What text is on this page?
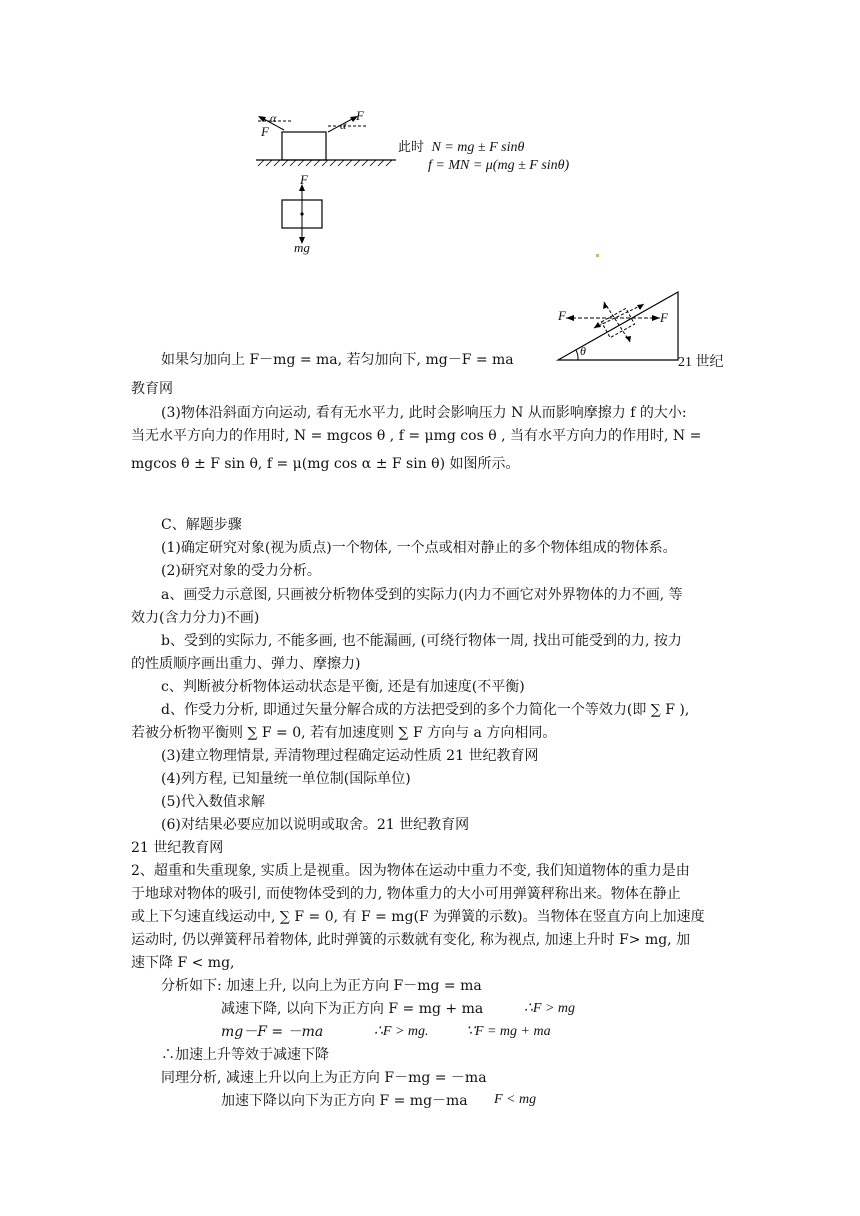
F
α	α
F
F
mg
此时 N = mg ± F sinθ
f = MN = μ(mg ± F sinθ)
F	F
θ
如果匀加向上 F－mg = ma, 若匀加向下, mg－F = ma	21 世纪
教育网
(3)物体沿斜面方向运动, 看有无水平力, 此时会影响压力 N 从而影响摩擦力 f 的大小:
当无水平方向力的作用时, N = mgcos θ , f = μmg cos θ , 当有水平方向力的作用时, N =
mgcos θ ± F sin θ, f = μ(mg cos α ± F sin θ) 如图所示。
C、解题步骤
(1)确定研究对象(视为质点)一个物体, 一个点或相对静止的多个物体组成的物体系。
(2)研究对象的受力分析。
a、画受力示意图, 只画被分析物体受到的实际力(内力不画它对外界物体的力不画, 等
效力(含力分力)不画)
b、受到的实际力, 不能多画, 也不能漏画, (可绕行物体一周, 找出可能受到的力, 按力
的性质顺序画出重力、弹力、摩擦力)
c、判断被分析物体运动状态是平衡, 还是有加速度(不平衡)
d、作受力分析, 即通过矢量分解合成的方法把受到的多个力简化一个等效力(即 ∑ F ),
若被分析物平衡则 ∑ F = 0, 若有加速度则 ∑ F 方向与 a 方向相同。
(3)建立物理情景, 弄清物理过程确定运动性质 21 世纪教育网
(4)列方程, 已知量统一单位制(国际单位)
(5)代入数值求解
(6)对结果必要应加以说明或取舍。21 世纪教育网
21 世纪教育网
2、超重和失重现象, 实质上是视重。因为物体在运动中重力不变, 我们知道物体的重力是由
于地球对物体的吸引, 而使物体受到的力, 物体重力的大小可用弹簧秤称出来。物体在静止
或上下匀速直线运动中, ∑ F = 0, 有 F = mg(F 为弹簧的示数)。当物体在竖直方向上加速度
运动时, 仍以弹簧秤吊着物体, 此时弹簧的示数就有变化, 称为视点, 加速上升时 F> mg, 加
速下降 F < mg,
分析如下: 加速上升, 以向上为正方向 F－mg = ma
减速下降, 以向下为正方向 F = mg + ma	∴F > mg
mg－F = －ma	∴F > mg.	∵F = mg + ma
∴加速上升等效于减速下降
同理分析, 减速上升以向上为正方向 F－mg = －ma
加速下降以向下为正方向 F = mg－ma	F < mg
